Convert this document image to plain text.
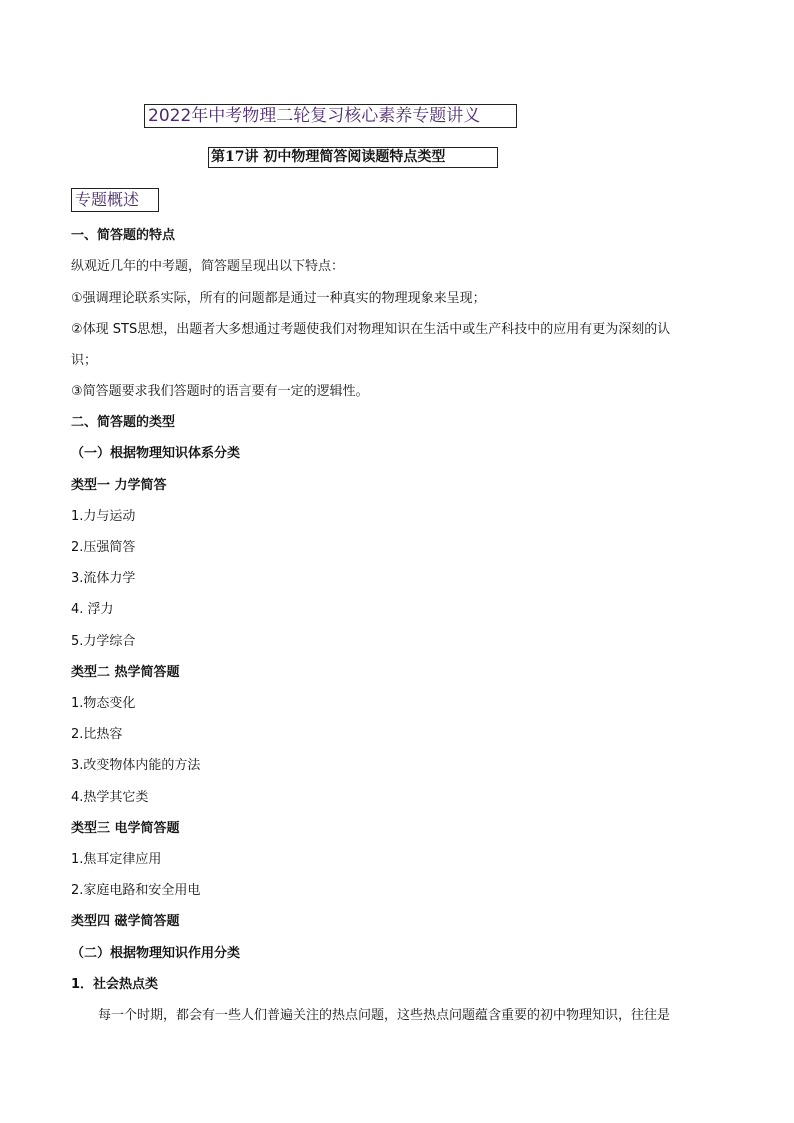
2022年中考物理二轮复习核心素养专题讲义
第17讲 初中物理简答阅读题特点类型
专题概述
一、简答题的特点
纵观近几年的中考题，简答题呈现出以下特点：
①强调理论联系实际，所有的问题都是通过一种真实的物理现象来呈现；
②体现 STS思想，出题者大多想通过考题使我们对物理知识在生活中或生产科技中的应用有更为深刻的认
识；
③简答题要求我们答题时的语言要有一定的逻辑性。
二、简答题的类型
（一）根据物理知识体系分类
类型一 力学简答
1.力与运动
2.压强简答
3.流体力学
4. 浮力
5.力学综合
类型二 热学简答题
1.物态变化
2.比热容
3.改变物体内能的方法
4.热学其它类
类型三 电学简答题
1.焦耳定律应用
2.家庭电路和安全用电
类型四 磁学简答题
（二）根据物理知识作用分类
1．社会热点类
每一个时期，都会有一些人们普遍关注的热点问题，这些热点问题蕴含重要的初中物理知识，往往是
